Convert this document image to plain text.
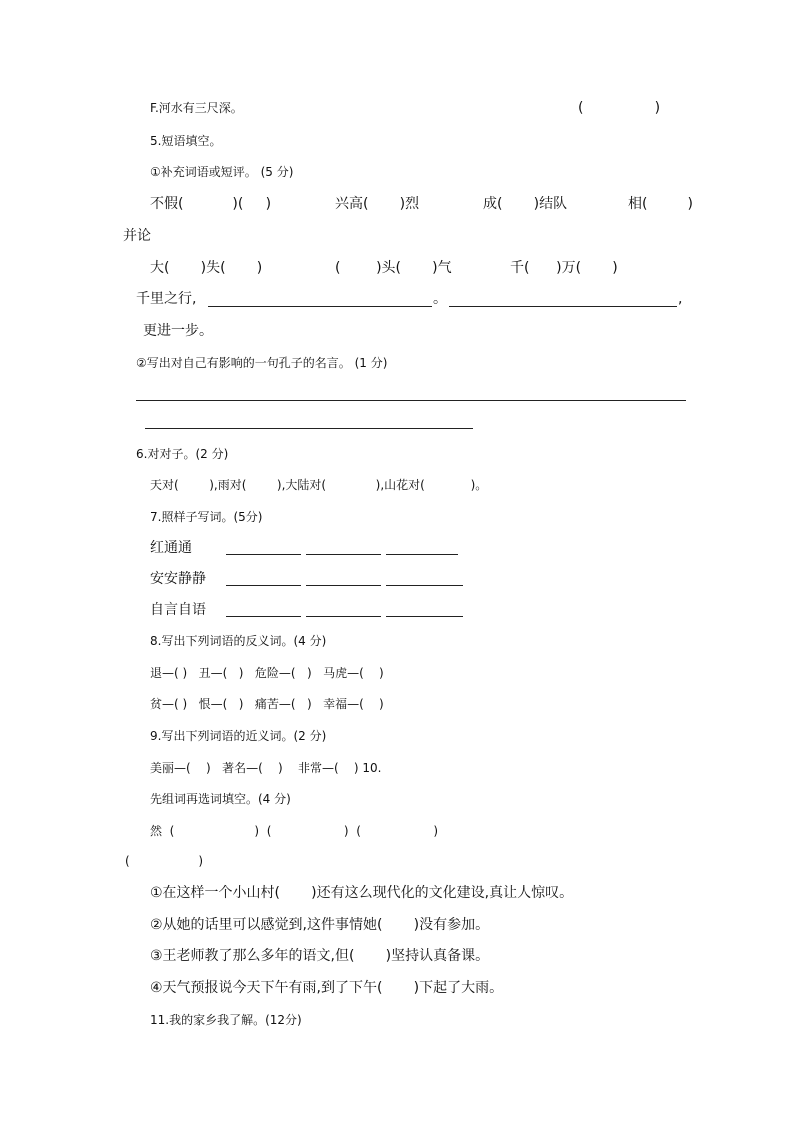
F.河水有三尺深。	(                )
5.短语填空。
①补充词语或短评。 (5 分)
不假(           )(     )	兴高(       )烈	成(       )结队	相(         )
并论
大(       )失(       )	(        )头(       )气	千(      )万(       )
千里之行,	。	,
更进一步。
②写出对自己有影响的一句孔子的名言。 (1 分)
6.对对子。(2 分)
天对(        ),雨对(        ),大陆对(             ),山花对(            )。
7.照样子写词。(5分)
红通通
安安静静
自言自语
8.写出下列词语的反义词。(4 分)
退—( )   丑—(   )   危险—(   )   马虎—(    )
贫—( )   恨—(   )   痛苦—(   )   幸福—(    )
9.写出下列词语的近义词。(2 分)
美丽—(    )   著名—(    )    非常—(    ) 10.
先组词再选词填空。(4 分)
然  (                     )  (                   )  (                   )
(                  )
①在这样一个小山村(       )还有这么现代化的文化建设,真让人惊叹。
②从她的话里可以感觉到,这件事情她(       )没有参加。
③王老师教了那么多年的语文,但(       )坚持认真备课。
④天气预报说今天下午有雨,到了下午(       )下起了大雨。
11.我的家乡我了解。(12分)
